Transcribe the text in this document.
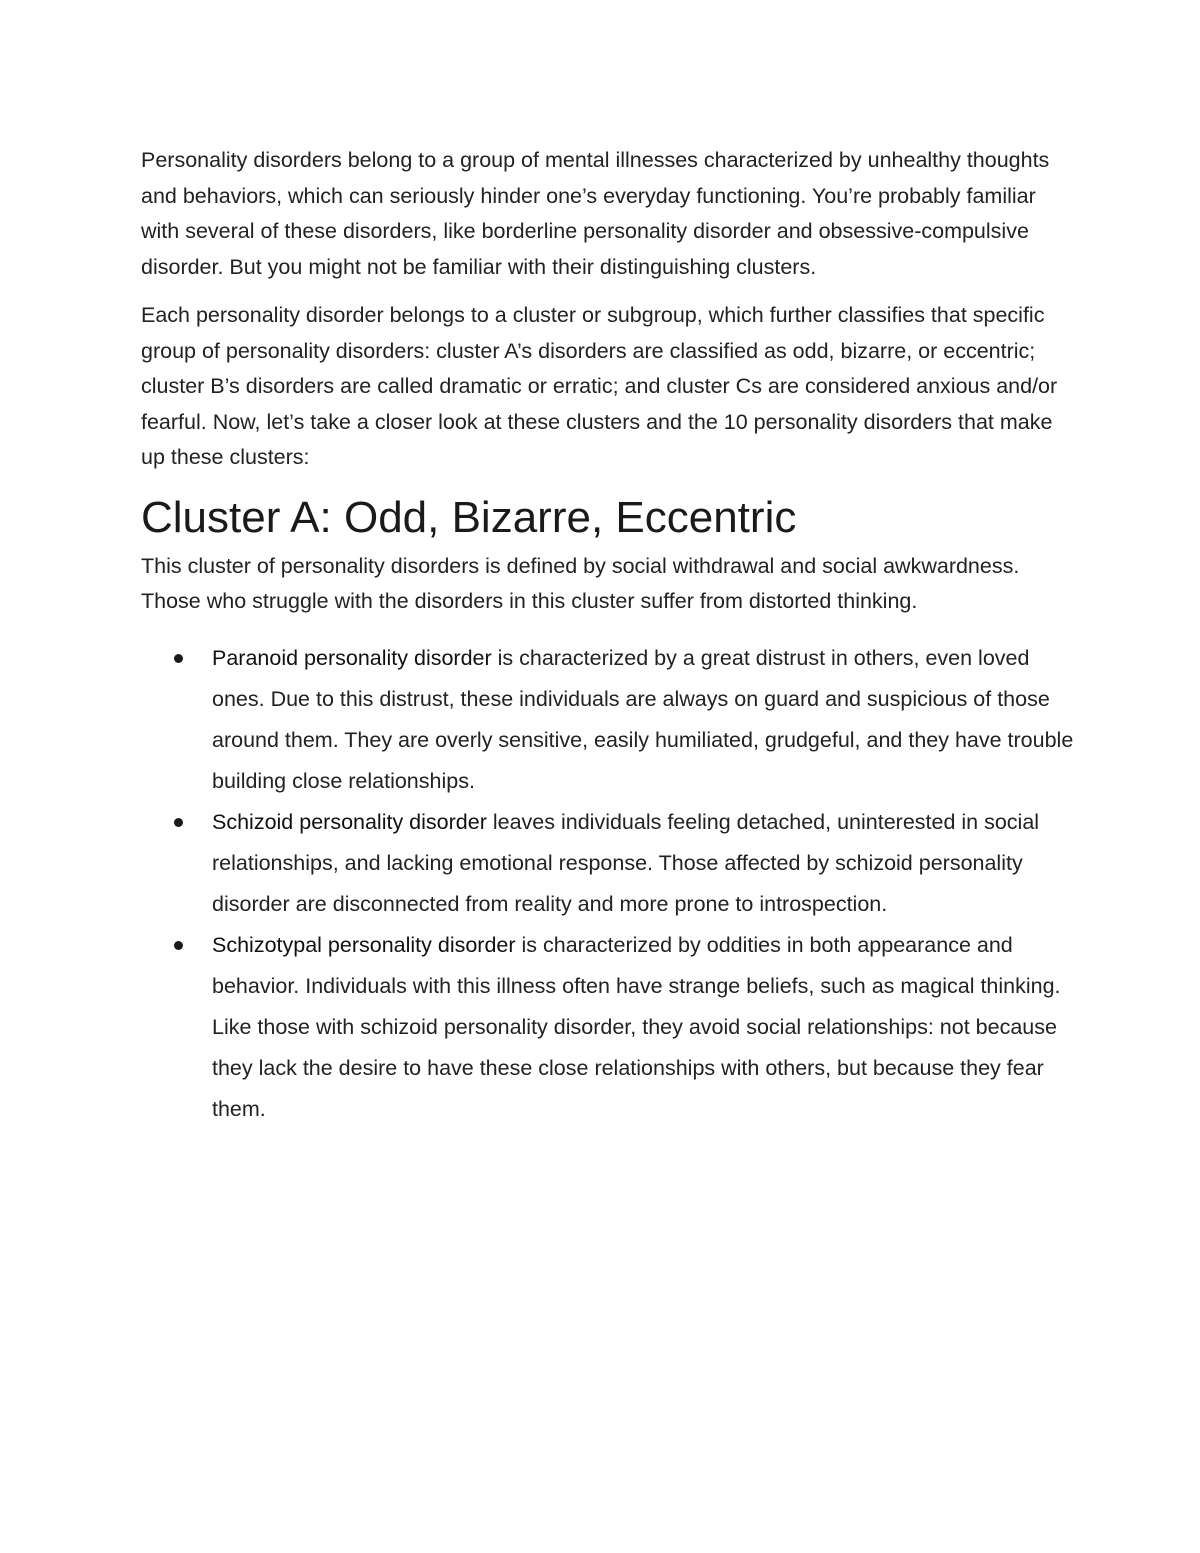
Personality disorders belong to a group of mental illnesses characterized by unhealthy thoughts and behaviors, which can seriously hinder one’s everyday functioning. You’re probably familiar with several of these disorders, like borderline personality disorder and obsessive-compulsive disorder. But you might not be familiar with their distinguishing clusters.

Each personality disorder belongs to a cluster or subgroup, which further classifies that specific group of personality disorders: cluster A’s disorders are classified as odd, bizarre, or eccentric; cluster B’s disorders are called dramatic or erratic; and cluster Cs are considered anxious and/or fearful. Now, let’s take a closer look at these clusters and the 10 personality disorders that make up these clusters:

Cluster A: Odd, Bizarre, Eccentric

This cluster of personality disorders is defined by social withdrawal and social awkwardness. Those who struggle with the disorders in this cluster suffer from distorted thinking.

Paranoid personality disorder is characterized by a great distrust in others, even loved ones. Due to this distrust, these individuals are always on guard and suspicious of those around them. They are overly sensitive, easily humiliated, grudgeful, and they have trouble building close relationships.
Schizoid personality disorder leaves individuals feeling detached, uninterested in social relationships, and lacking emotional response. Those affected by schizoid personality disorder are disconnected from reality and more prone to introspection.
Schizotypal personality disorder is characterized by oddities in both appearance and behavior. Individuals with this illness often have strange beliefs, such as magical thinking. Like those with schizoid personality disorder, they avoid social relationships: not because they lack the desire to have these close relationships with others, but because they fear them.
